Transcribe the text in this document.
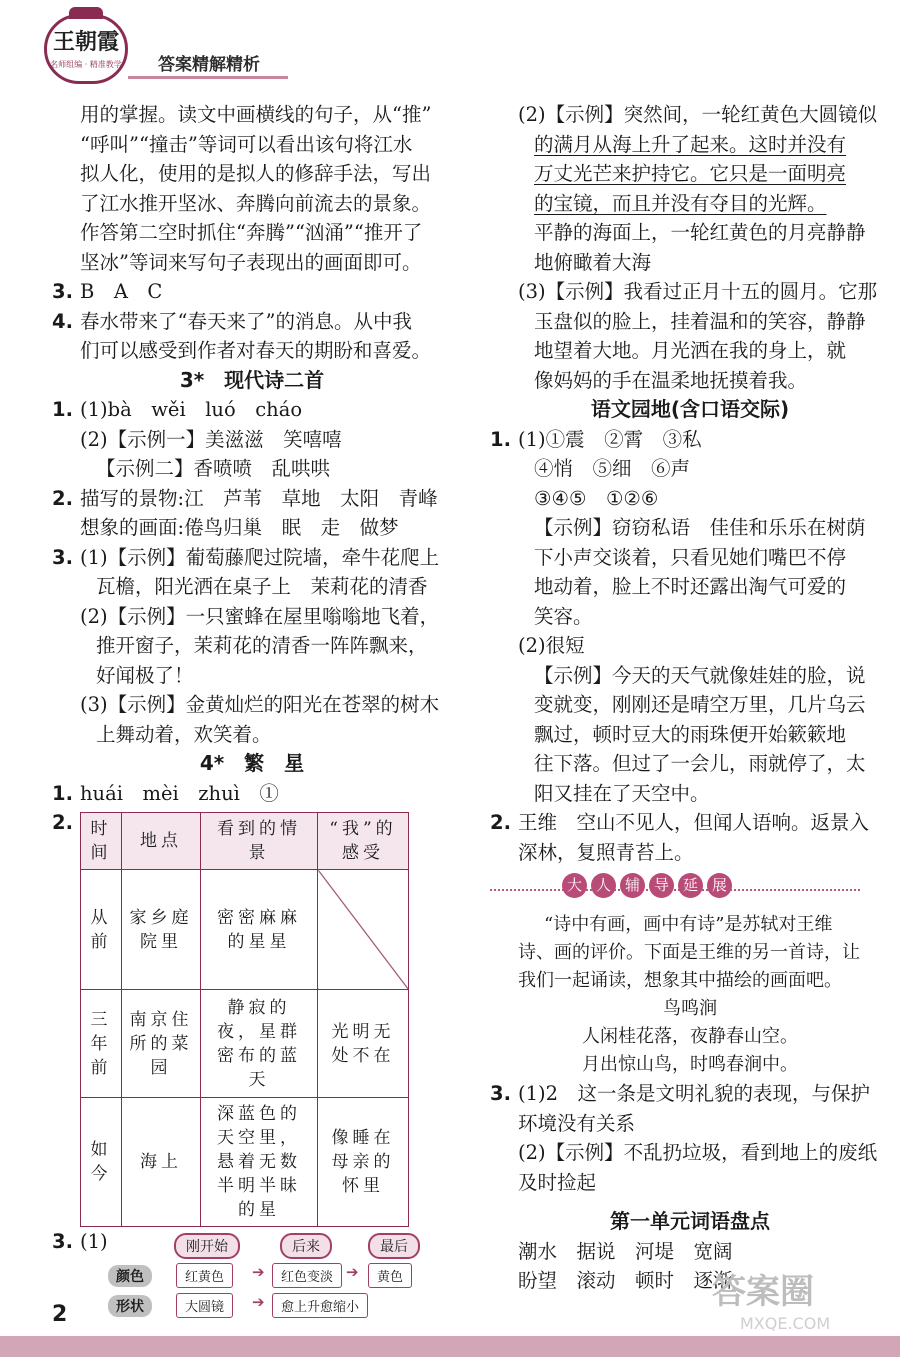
王朝霞
名师组编 · 精准教学 答案精解精析
用的掌握。读文中画横线的句子，从“推”
“呼叫”“撞击”等词可以看出该句将江水
拟人化，使用的是拟人的修辞手法，写出
了江水推开坚冰、奔腾向前流去的景象。
作答第二空时抓住“奔腾”“汹涌”“推开了
坚冰”等词来写句子表现出的画面即可。
3. B　A　C
4. 春水带来了“春天来了”的消息。从中我
们可以感受到作者对春天的期盼和喜爱。
3*　现代诗二首
1. (1)bà　wěi　luó　cháo
(2)【示例一】美滋滋　笑嘻嘻
【示例二】香喷喷　乱哄哄
2. 描写的景物:江　芦苇　草地　太阳　青峰
想象的画面:倦鸟归巢　眠　走　做梦
3. (1)【示例】葡萄藤爬过院墙，牵牛花爬上
瓦檐，阳光洒在桌子上　茉莉花的清香
(2)【示例】一只蜜蜂在屋里嗡嗡地飞着，
推开窗子，茉莉花的清香一阵阵飘来，
好闻极了！
(3)【示例】金黄灿烂的阳光在苍翠的树木
上舞动着，欢笑着。
4*　繁　星
1. huái　mèi　zhuì　①
2.	时间	地点	看到的情景	“我”的感受
从前	家乡庭院里	密密麻麻的星星	
三年前	南京住所的菜园	静寂的夜，星群密布的蓝天	光明无处不在
如今	海上	深蓝色的天空里，悬着无数半明半昧的星	像睡在母亲的怀里
3. (1)	刚开始	后来	最后
颜色	红黄色	➔	红色变淡 ➔	黄色
形状	大圆镜	➔	愈上升愈缩小
(2)【示例】突然间，一轮红黄色大圆镜似
的满月从海上升了起来。这时并没有
万丈光芒来护持它。它只是一面明亮
的宝镜，而且并没有夺目的光辉。
平静的海面上，一轮红黄色的月亮静静
地俯瞰着大海
(3)【示例】我看过正月十五的圆月。它那
玉盘似的脸上，挂着温和的笑容，静静
地望着大地。月光洒在我的身上，就
像妈妈的手在温柔地抚摸着我。
语文园地(含口语交际)
1. (1)①震　②霄　③私
④悄　⑤细　⑥声
③④⑤　①②⑥
【示例】窃窃私语　佳佳和乐乐在树荫
下小声交谈着，只看见她们嘴巴不停
地动着，脸上不时还露出淘气可爱的
笑容。
(2)很短
【示例】今天的天气就像娃娃的脸，说
变就变，刚刚还是晴空万里，几片乌云
飘过，顿时豆大的雨珠便开始簌簌地
往下落。但过了一会儿，雨就停了，太
阳又挂在了天空中。
2. 王维　空山不见人，但闻人语响。返景入
深林，复照青苔上。
大 人 辅 导 延 展
“诗中有画，画中有诗”是苏轼对王维
诗、画的评价。下面是王维的另一首诗，让
我们一起诵读，想象其中描绘的画面吧。
鸟鸣涧
人闲桂花落，夜静春山空。
月出惊山鸟，时鸣春涧中。
3. (1)2　这一条是文明礼貌的表现，与保护
环境没有关系
(2)【示例】不乱扔垃圾，看到地上的废纸
及时捡起
第一单元词语盘点
潮水　据说　河堤　宽阔
盼望　滚动　顿时　逐渐
2
答案圈
MXQE.COM
